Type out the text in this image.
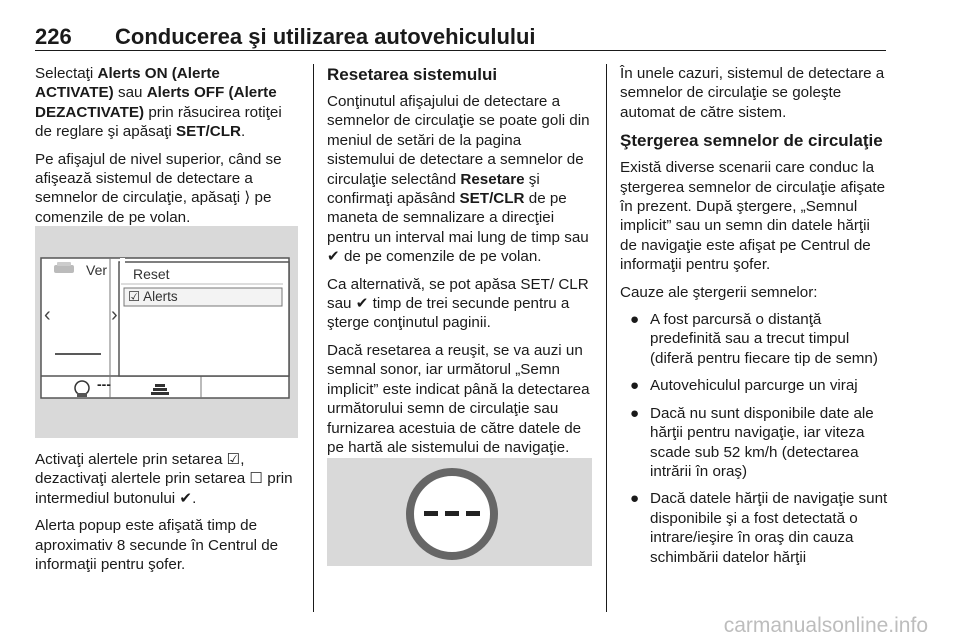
226 Conducerea şi utilizarea autovehiculului

Selectaţi Alerts ON (Alerte ACTIVATE) sau Alerts OFF (Alerte DEZACTIVATE) prin răsucirea rotiţei de reglare şi apăsaţi SET/CLR.

Pe afişajul de nivel superior, când se afişează sistemul de detectare a semnelor de circulaţie, apăsaţi ⟩ pe comenzile de pe volan.

Ver Reset
☑ Alerts
‹	›
---

Activaţi alertele prin setarea ☑, dezactivaţi alertele prin setarea ☐ prin intermediul butonului ✔.

Alerta popup este afişată timp de aproximativ 8 secunde în Centrul de informaţii pentru şofer.

Resetarea sistemului

Conţinutul afişajului de detectare a semnelor de circulaţie se poate goli din meniul de setări de la pagina sistemului de detectare a semnelor de circulaţie selectând Resetare şi confirmaţi apăsând SET/CLR de pe maneta de semnalizare a direcţiei pentru un interval mai lung de timp sau ✔ de pe comenzile de pe volan.

Ca alternativă, se pot apăsa SET/ CLR sau ✔ timp de trei secunde pentru a şterge conţinutul paginii.

Dacă resetarea a reuşit, se va auzi un semnal sonor, iar următorul „Semn implicit” este indicat până la detectarea următorului semn de circulaţie sau furnizarea acestuia de către datele de pe hartă ale sistemului de navigaţie.

În unele cazuri, sistemul de detectare a semnelor de circulaţie se goleşte automat de către sistem.

Ştergerea semnelor de circulaţie

Există diverse scenarii care conduc la ştergerea semnelor de circulaţie afişate în prezent. După ştergere, „Semnul implicit” sau un semn din datele hărţii de navigaţie este afişat pe Centrul de informaţii pentru şofer.

Cauze ale ştergerii semnelor:

● A fost parcursă o distanţă predefinită sau a trecut timpul (diferă pentru fiecare tip de semn)
● Autovehiculul parcurge un viraj
● Dacă nu sunt disponibile date ale hărţii pentru navigaţie, iar viteza scade sub 52 km/h (detectarea intrării în oraş)
● Dacă datele hărţii de navigaţie sunt disponibile şi a fost detectată o intrare/ieşire în oraş din cauza schimbării datelor hărţii
carmanualsonline.info
